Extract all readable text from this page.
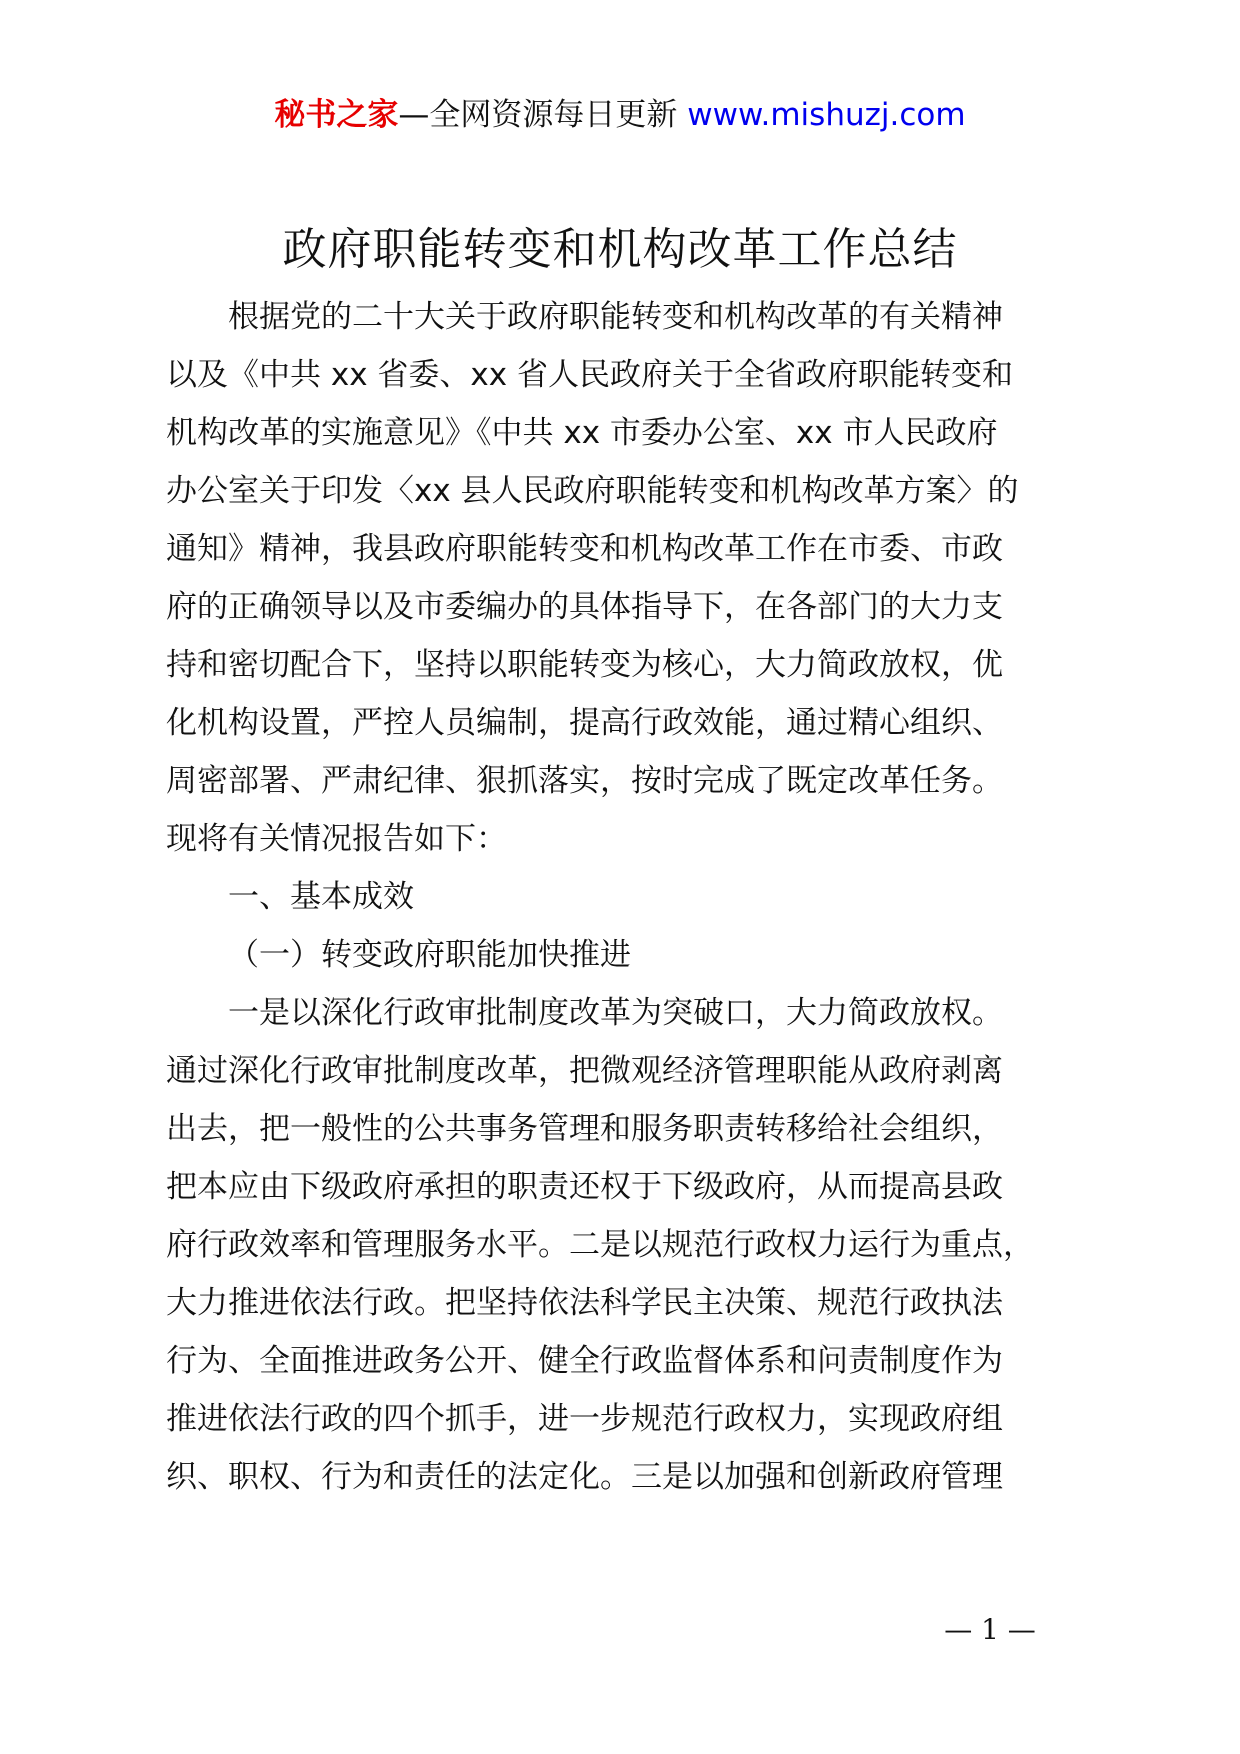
秘书之家—全网资源每日更新 www.mishuzj.com
政府职能转变和机构改革工作总结
根据党的二十大关于政府职能转变和机构改革的有关精神
以及《中共 xx 省委、xx 省人民政府关于全省政府职能转变和
机构改革的实施意见》《中共 xx 市委办公室、xx 市人民政府
办公室关于印发〈xx 县人民政府职能转变和机构改革方案〉的
通知》精神，我县政府职能转变和机构改革工作在市委、市政
府的正确领导以及市委编办的具体指导下，在各部门的大力支
持和密切配合下，坚持以职能转变为核心，大力简政放权，优
化机构设置，严控人员编制，提高行政效能，通过精心组织、
周密部署、严肃纪律、狠抓落实，按时完成了既定改革任务。
现将有关情况报告如下：
一、基本成效
（一）转变政府职能加快推进
一是以深化行政审批制度改革为突破口，大力简政放权。
通过深化行政审批制度改革，把微观经济管理职能从政府剥离
出去，把一般性的公共事务管理和服务职责转移给社会组织，
把本应由下级政府承担的职责还权于下级政府，从而提高县政
府行政效率和管理服务水平。二是以规范行政权力运行为重点，
大力推进依法行政。把坚持依法科学民主决策、规范行政执法
行为、全面推进政务公开、健全行政监督体系和问责制度作为
推进依法行政的四个抓手，进一步规范行政权力，实现政府组
织、职权、行为和责任的法定化。三是以加强和创新政府管理
— 1 —
